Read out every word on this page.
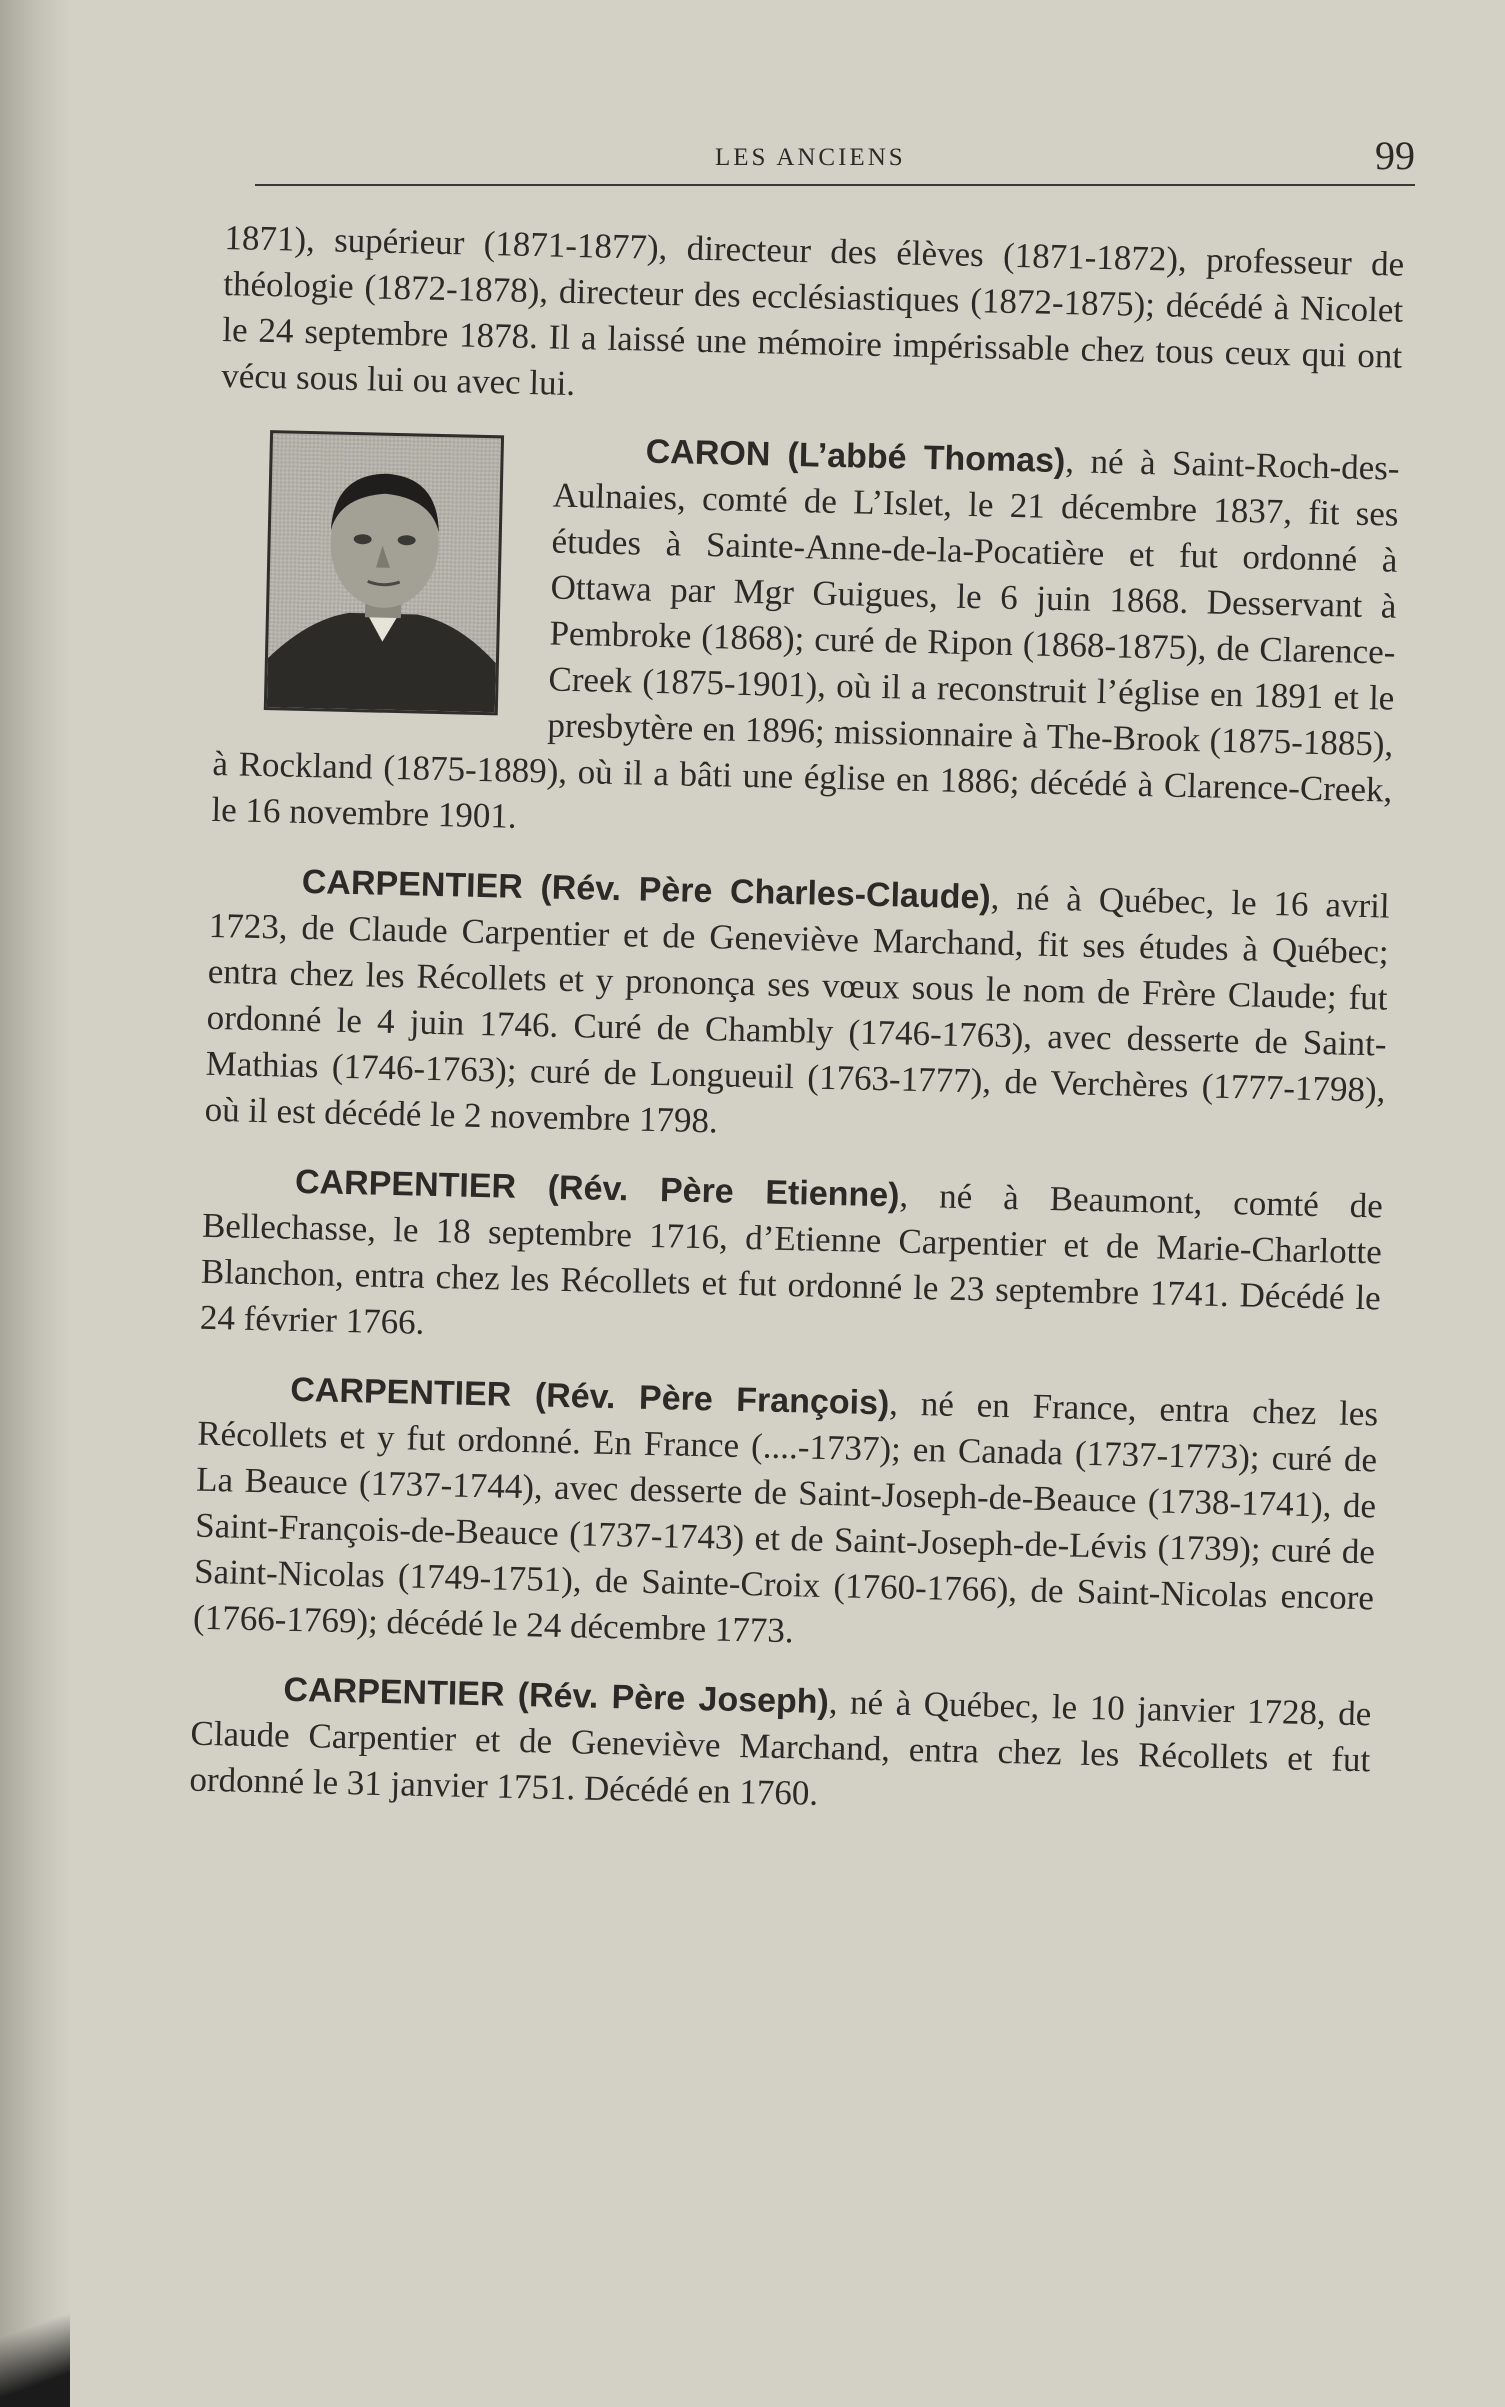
LES ANCIENS	99

1871), supérieur (1871-1877), directeur des élèves (1871-1872), professeur de théologie (1872-1878), directeur des ecclésiastiques (1872-1875); décédé à Nicolet le 24 septembre 1878. Il a laissé une mémoire impérissable chez tous ceux qui ont vécu sous lui ou avec lui.

CARON (L’abbé Thomas), né à Saint-Roch-des-Aulnaies, comté de L’Islet, le 21 décembre 1837, fit ses études à Sainte-Anne-de-la-Pocatière et fut ordonné à Ottawa par Mgr Guigues, le 6 juin 1868. Desservant à Pembroke (1868); curé de Ripon (1868-1875), de Clarence-Creek (1875-1901), où il a reconstruit l’église en 1891 et le presbytère en 1896; missionnaire à The-Brook (1875-1885), à Rockland (1875-1889), où il a bâti une église en 1886; décédé à Clarence-Creek, le 16 novembre 1901.

CARPENTIER (Rév. Père Charles-Claude), né à Québec, le 16 avril 1723, de Claude Carpentier et de Geneviève Marchand, fit ses études à Québec; entra chez les Récollets et y prononça ses vœux sous le nom de Frère Claude; fut ordonné le 4 juin 1746. Curé de Chambly (1746-1763), avec desserte de Saint-Mathias (1746-1763); curé de Longueuil (1763-1777), de Verchères (1777-1798), où il est décédé le 2 novembre 1798.

CARPENTIER (Rév. Père Etienne), né à Beaumont, comté de Bellechasse, le 18 septembre 1716, d’Etienne Carpentier et de Marie-Charlotte Blanchon, entra chez les Récollets et fut ordonné le 23 septembre 1741. Décédé le 24 février 1766.

CARPENTIER (Rév. Père François), né en France, entra chez les Récollets et y fut ordonné. En France (....-1737); en Canada (1737-1773); curé de La Beauce (1737-1744), avec desserte de Saint-Joseph-de-Beauce (1738-1741), de Saint-François-de-Beauce (1737-1743) et de Saint-Joseph-de-Lévis (1739); curé de Saint-Nicolas (1749-1751), de Sainte-Croix (1760-1766), de Saint-Nicolas encore (1766-1769); décédé le 24 décembre 1773.

CARPENTIER (Rév. Père Joseph), né à Québec, le 10 janvier 1728, de Claude Carpentier et de Geneviève Marchand, entra chez les Récollets et fut ordonné le 31 janvier 1751. Décédé en 1760.
